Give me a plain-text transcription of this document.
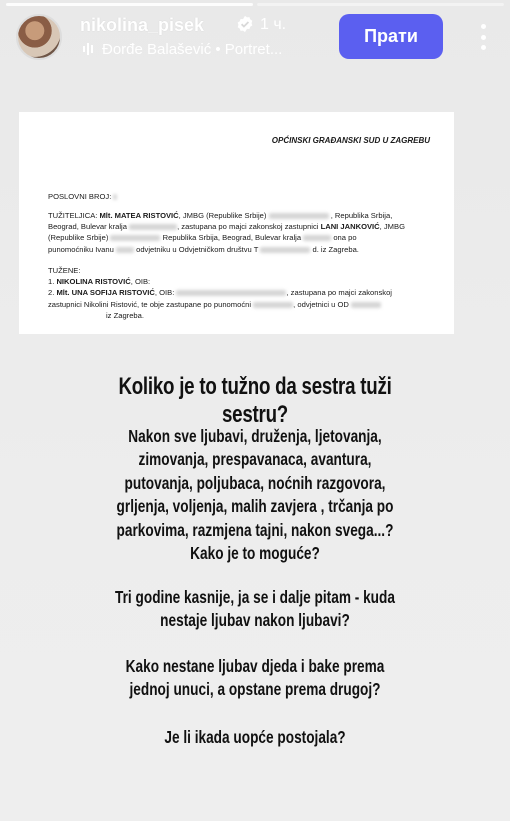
nikolina_pisek	1 ч.
Đorđe Balašević • Portret...
Прати
OPĆINSKI GRAĐANSKI SUD U ZAGREBU
POSLOVNI BROJ:
TUŽITELJICA: Mlt. MATEA RISTOVIĆ, JMBG (Republike Srbije)	, Republika Srbija,
Beograd, Bulevar kralja	, zastupana po majci zakonskoj zastupnici LANI JANKOVIĆ, JMBG
(Republike Srbije)	Republika Srbija, Beograd, Bulevar kralja	ona po
punomoćniku Ivanu	odvjetniku u Odvjetničkom društvu T	d. iz Zagreba.
TUŽENE:
1. NIKOLINA RISTOVIĆ, OIB:
2. Mlt. UNA SOFIJA RISTOVIĆ, OIB:	, zastupana po majci zakonskoj
zastupnici Nikolini Ristović, te obje zastupane po punomoćni	, odvjetnici u OD
iz Zagreba.
Koliko je to tužno da sestra tuži sestru?
Nakon sve ljubavi, druženja, ljetovanja,
zimovanja, prespavanaca, avantura,
putovanja, poljubaca, noćnih razgovora,
grljenja, voljenja, malih zavjera , trčanja po
parkovima, razmjena tajni, nakon svega...?
Kako je to moguće?
Tri godine kasnije, ja se i dalje pitam - kuda
nestaje ljubav nakon ljubavi?
Kako nestane ljubav djeda i bake prema
jednoj unuci, a opstane prema drugoj?
Je li ikada uopće postojala?
